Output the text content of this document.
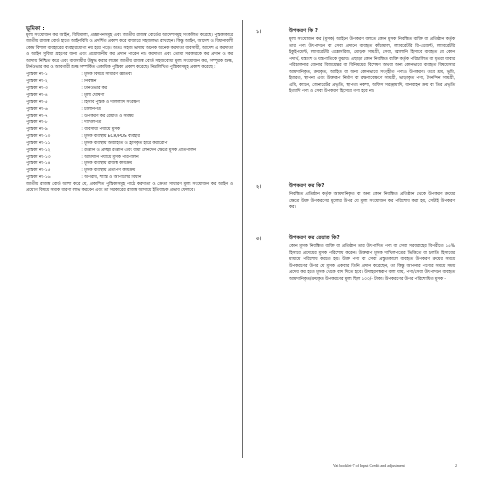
ভূমিকা :

মূল্য সংযোজন কর আইন, বিধিমালা, প্রজ্ঞাপনসমূহ এবং জাতীয় রাজস্ব বোর্ডের আদেশসমূহ সংকলিত করেছে। পুস্তকাকারে জাতীয় রাজস্ব বোর্ড হাতে আইনবিধি ও প্রদর্শিত প্রকাশ করে বাজারে সহজলভ্য রাখছেন। কিন্তু আইন, আদেশ ও বিধানাবলী কেন্দ্র বিশাল ব্যবহারের ব্যবহারযোগ্য নয় হয়ে পড়ে। অতঃ সহজ ভাষায় অনেক অনেক করদাতা ব্যবসায়ী, আদেশ এ করদাতা ও আইন সুবিধা গ্রহণের জন্য এবং প্রয়োজনীয় কর প্রদান পারেন না। করদাতা এবং তোমা সরকারকে কর প্রদান ও কর আদায় নিশ্চিত করে এবং ব্যবসায়ীর উদ্বুদ্ধ করার লক্ষ্যে জাতীয় রাজস্ব বোর্ড সহজবোধ্য মূল্য সংযোজন কর, সম্পূরক শুল্ক, টার্নওভার কর ও আবগারী শুল্ক সম্পর্কিত একাধিক পুস্তিকা প্রকাশ করেছে। নিম্নলিখিত পুস্তিকাসমূহ প্রকাশ করেছে :

পুস্তিকা নং-১	: মূসক বিষয়ে সাধারণ জ্ঞাতব্য
পুস্তিকা নং-২	: নিবন্ধন
পুস্তিকা নং-৩	: টার্নওভার কর
পুস্তিকা নং-৪	: মূল্য ঘোষণা
পুস্তিকা নং-৫	: হিসাব পুস্তক ও দলিলাদি সংরক্ষণ
পুস্তিকা নং-৬	: চালানপত্র
পুস্তিকা নং-৭	: উপকরণ কর রেয়াত ও সমন্বয়
পুস্তিকা নং-৮	: দাখিলপত্র
পুস্তিকা নং-৯	: ব্যবসায়ী পর্যায়ে মূসক
পুস্তিকা নং-১০	: মূসক ব্যবস্থায় ECR/POS ব্যবহার
পুস্তিকা নং-১১	: মূসক ব্যবস্থায় অব্যাহতি ও হ্রাসকৃত হারে করারোপ
পুস্তিকা নং-১২	: রপ্তানি ও প্রচ্ছন্ন রপ্তানি এবং বীমা লেনদেন ক্ষেত্রে মূসক প্রতিপালন
পুস্তিকা নং-১৩	: আমদানি পর্যায়ে মূসক পরিপালন
পুস্তিকা নং-১৪	: মূসক ব্যবস্থায় রাজস্ব কার্যক্রম
পুস্তিকা নং-১৫	: মূসক ব্যবস্থায় প্রত্যর্পণ কার্যক্রম
পুস্তিকা নং-১৬	: অপরাধ, শাস্তি ও আপীলের বিধান

জাতীয় রাজস্ব বোর্ড আশা করে যে, প্রকাশিত পুস্তিকাসমূহ পাঠে করদাতা ও ক্রেতা সাধারণ মূল্য সংযোজন কর আইন ও প্রয়োগ বিষয়ে সম্যক ধারণা লাভ করবেন এবং তা সরকারের রাজস্ব আদায়ে ইতিবাচক প্রভাব ফেলবে।

১।	উপকরণ কি ?

মূল্য সংযোজন কর (মূসক) আইনে উপকরণ বলতে কোন মূসক নিবন্ধিত ব্যক্তি বা প্রতিষ্ঠান কর্তৃক তার পণ্য উৎপাদনে বা সেবা প্রদানে ব্যবহৃত কাঁচামাল, ল্যাবরেটরি রি-এজেন্ট, ল্যাবরেটরি ইকুইপমেন্ট, ল্যাবরেটরি এক্সেসরিজ, মোড়ক সামগ্রী, সেবা, জ্বালানি হিসাবে ব্যবহৃত যে কোন পদার্থ, যন্ত্রাংশ ও যন্ত্রপাতিকে বুঝায়। এছাড়া কোন নিবন্ধিত ব্যক্তি কর্তৃক পরিচালিত বা ধৃতরা যাবার পরিচালনার জেনার বিজয়েন্তর বা বিনিময়ের বিশেষণ অথবা অন্য কোনভাবে ব্যবহৃত বিষয়েসার আমদানিকৃত, ক্রয়কৃত, আহিত বা অন্য কোনভাবে সংগৃহীত পণ্যও উপকরণ। তবে শ্রম, ভূমি, ইমারত, স্থাপনা এবং উক্তরূপ নির্মাণ বা রক্ষণাবেক্ষণে সামগ্রী, ভাড়াকৃত পণ্য, দৈনন্দিন সামগ্রী, এমি, ক্যানে, জেনারেটর প্রভৃতি, স্থাপত্য নকশা, অফিস সরঞ্জামাদি, যানবাহন ক্রয় বা তির প্রভৃতি ইত্যাদি পণ্য ও সেবা উপকরণ হিসেবে গণ্য হবে না।

২।	উপকরণ কর কি?

নিবন্ধিত প্রতিষ্ঠান কর্তৃক আমদানিকৃত বা অন্য কোন নিবন্ধিত প্রতিষ্ঠান থেকে উপকরণ ক্রয়ের ক্ষেত্রে উক্ত উপকরণের মূল্যের উপর যে মূল্য সংযোজন কর পরিশোধ করা হয়, সেটাই উপকরণ কর।

৩।	উপকরণ কর রেয়াত কি?

কোন মূসক নিবন্ধিত ব্যক্তি বা প্রতিষ্ঠান তার উৎপাদিত পণ্য বা সেবা সরবরাহের বিপরীতে ১৫% হিসাবে প্রদেয়ের মূসক পরিশোধ করেন। উক্তরূপ মূসক দাখিলপত্রের ভিত্তিতে বা চলতি হিসাবের মাধ্যমে পরিশোধ করতে হয়। উক্ত পণ্য বা সেবা প্রস্তুতকালে ব্যবহৃত উপকরণ ক্রয়ের সময়ে উপকরণের উপর যে মূসক একবার তিনি প্রদান করেছেন, তা কিন্তু আপনার পণ্যের সময়ে সময় প্রদেয় কর হতে মূসক থেকে বাদ দিতে হবে। উদাহরণস্বরূপ বলা যায়, পণ্য/সেবা উৎপাদনে ব্যবহৃত আমদানিকৃত/ক্রয়কৃত উপকরণের মূল্য ছিল ১০০/- টাকা। উপকরণের উপর পরিশোধিত মূসক -

Vat booklet-7 of Input Credit and adjustment	2
